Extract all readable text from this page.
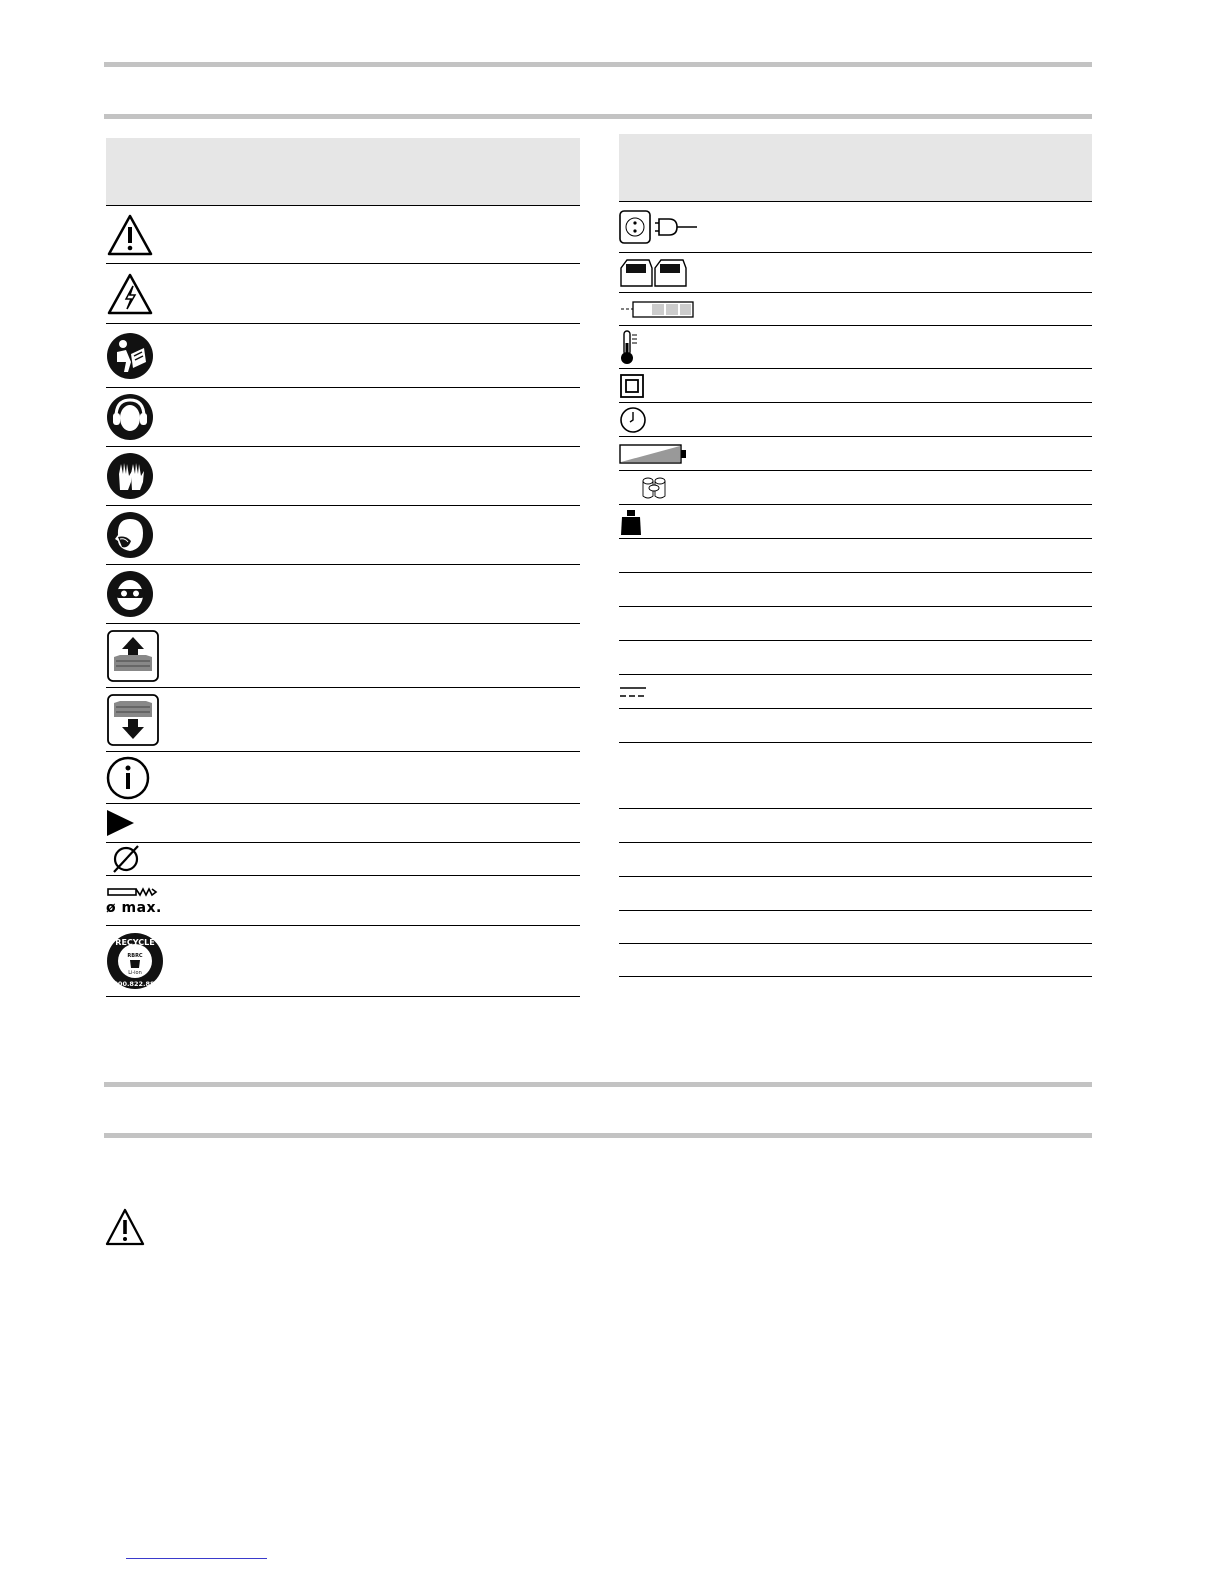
ø max.
RECYCLE
RBRC
Li-ion
1.800.822.8837
